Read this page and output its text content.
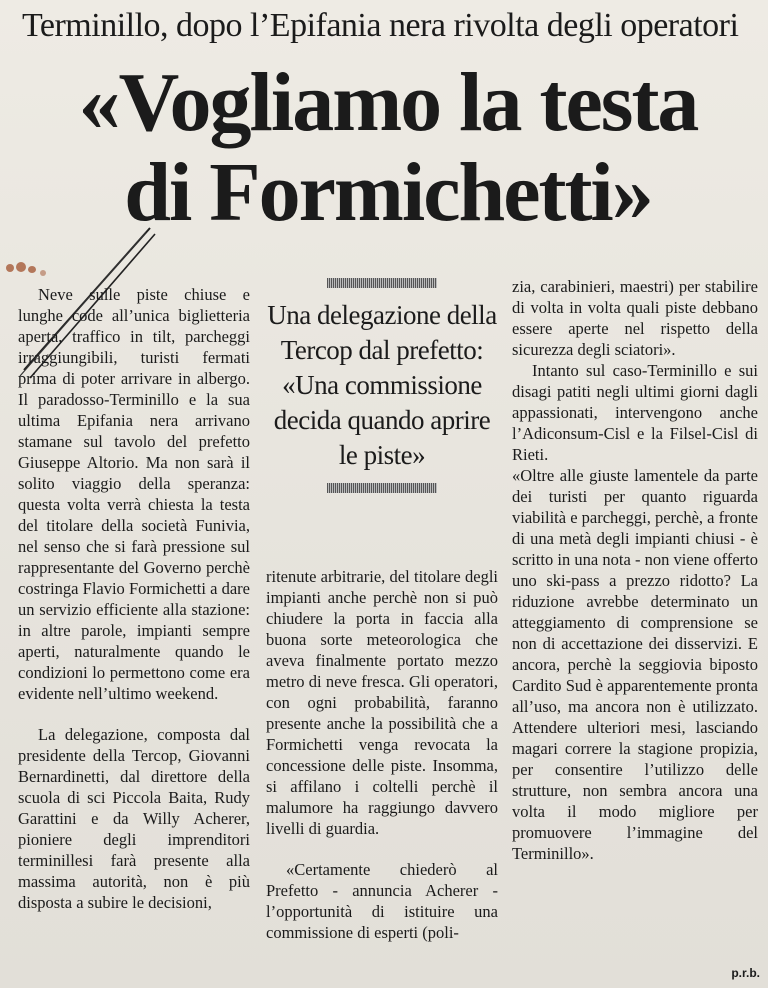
Terminillo, dopo l’Epifania nera rivolta degli operatori
«Vogliamo la testa
di Formichetti»

Neve sulle piste chiuse e lunghe code all’unica biglietteria aperta, traffico in tilt, parcheggi irraggiungibili, turisti fermati prima di poter arrivare in albergo. Il paradosso-Terminillo e la sua ultima Epifania nera arrivano stamane sul tavolo del prefetto Giuseppe Altorio. Ma non sarà il solito viaggio della speranza: questa volta verrà chiesta la testa del titolare della società Funivia, nel senso che si farà pressione sul rappresentante del Governo perchè costringa Flavio Formichetti a dare un servizio efficiente alla stazione: in altre parole, impianti sempre aperti, naturalmente quando le condizioni lo permettono come era evidente nell’ultimo weekend.

La delegazione, composta dal presidente della Tercop, Giovanni Bernardinetti, dal direttore della scuola di sci Piccola Baita, Rudy Garattini e da Willy Acherer, pioniere degli imprenditori terminillesi farà presente alla massima autorità, non è più disposta a subire le decisioni,

Una delegazione della Tercop dal prefetto: «Una commissione decida quando aprire le piste»

ritenute arbitrarie, del titolare degli impianti anche perchè non si può chiudere la porta in faccia alla buona sorte meteorologica che aveva finalmente portato mezzo metro di neve fresca. Gli operatori, con ogni probabilità, faranno presente anche la possibilità che a Formichetti venga revocata la concessione delle piste. Insomma, si affilano i coltelli perchè il malumore ha raggiungo davvero livelli di guardia.

«Certamente chiederò al Prefetto - annuncia Acherer - l’opportunità di istituire una commissione di esperti (poli-

zia, carabinieri, maestri) per stabilire di volta in volta quali piste debbano essere aperte nel rispetto della sicurezza degli sciatori».

Intanto sul caso-Terminillo e sui disagi patiti negli ultimi giorni dagli appassionati, intervengono anche l’Adiconsum-Cisl e la Filsel-Cisl di Rieti.

«Oltre alle giuste lamentele da parte dei turisti per quanto riguarda viabilità e parcheggi, perchè, a fronte di una metà degli impianti chiusi - è scritto in una nota - non viene offerto uno ski-pass a prezzo ridotto? La riduzione avrebbe determinato un atteggiamento di comprensione se non di accettazione dei disservizi. E ancora, perchè la seggiovia biposto Cardito Sud è apparentemente pronta all’uso, ma ancora non è utilizzato. Attendere ulteriori mesi, lasciando magari correre la stagione propizia, per consentire l’utilizzo delle strutture, non sembra ancora una volta il modo migliore per promuovere l’immagine del Terminillo».

p.r.b.
